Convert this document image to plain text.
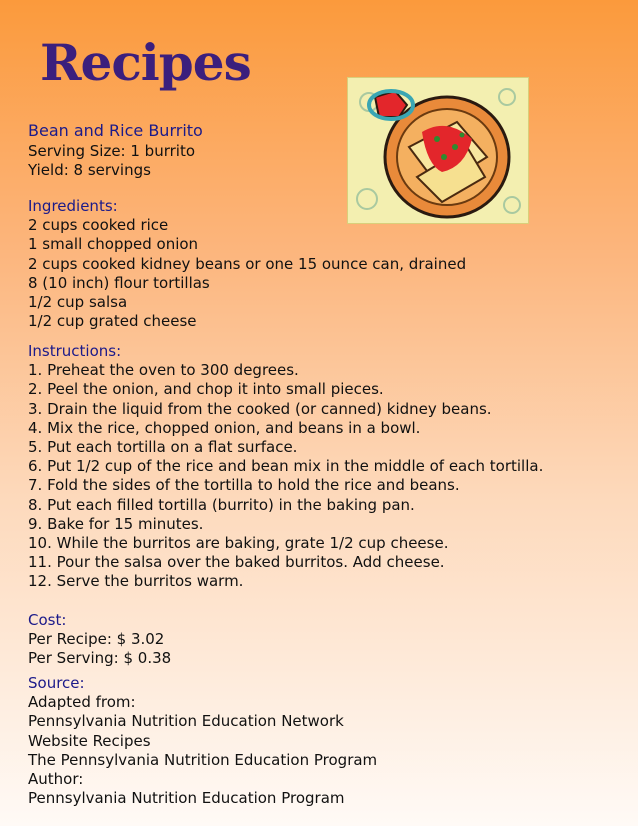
Recipes
Bean and Rice Burrito
Serving Size: 1 burrito
Yield: 8 servings
Ingredients:
2 cups cooked rice
1 small chopped onion
2 cups cooked kidney beans or one 15 ounce can, drained
8 (10 inch) flour tortillas
1/2 cup salsa
1/2 cup grated cheese
Instructions:
1. Preheat the oven to 300 degrees.
2. Peel the onion, and chop it into small pieces.
3. Drain the liquid from the cooked (or canned) kidney beans.
4. Mix the rice, chopped onion, and beans in a bowl.
5. Put each tortilla on a flat surface.
6. Put 1/2 cup of the rice and bean mix in the middle of each tortilla.
7. Fold the sides of the tortilla to hold the rice and beans.
8. Put each filled tortilla (burrito) in the baking pan.
9. Bake for 15 minutes.
10. While the burritos are baking, grate 1/2 cup cheese.
11. Pour the salsa over the baked burritos. Add cheese.
12. Serve the burritos warm.
Cost:
Per Recipe: $ 3.02
Per Serving: $ 0.38
Source:
Adapted from:
Pennsylvania Nutrition Education Network
Website Recipes
The Pennsylvania Nutrition Education Program
Author:
Pennsylvania Nutrition Education Program
